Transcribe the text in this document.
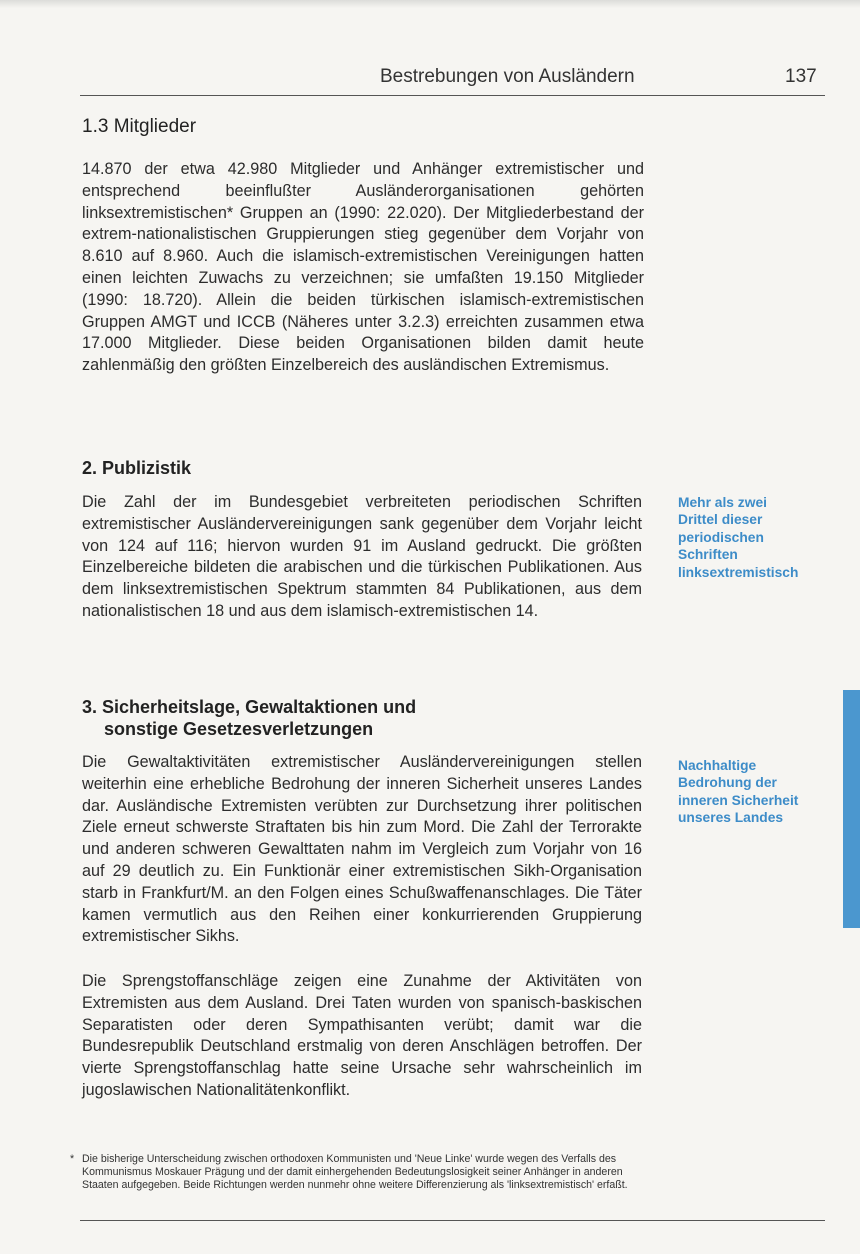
Bestrebungen von Ausländern	137
1.3 Mitglieder

14.870 der etwa 42.980 Mitglieder und Anhänger extremistischer und entsprechend beeinflußter Ausländerorganisationen gehörten linksextremistischen* Gruppen an (1990: 22.020). Der Mitgliederbestand der extrem-nationalistischen Gruppierungen stieg gegenüber dem Vorjahr von 8.610 auf 8.960. Auch die islamisch-extremistischen Vereinigungen hatten einen leichten Zuwachs zu verzeichnen; sie umfaßten 19.150 Mitglieder (1990: 18.720). Allein die beiden türkischen islamisch-extremistischen Gruppen AMGT und ICCB (Näheres unter 3.2.3) erreichten zusammen etwa 17.000 Mitglieder. Diese beiden Organisationen bilden damit heute zahlenmäßig den größten Einzelbereich des ausländischen Extremismus.

2. Publizistik

Die Zahl der im Bundesgebiet verbreiteten periodischen Schriften extremistischer Ausländervereinigungen sank gegenüber dem Vorjahr leicht von 124 auf 116; hiervon wurden 91 im Ausland gedruckt. Die größten Einzelbereiche bildeten die arabischen und die türkischen Publikationen. Aus dem linksextremistischen Spektrum stammten 84 Publikationen, aus dem nationalistischen 18 und aus dem islamisch-extremistischen 14.

Mehr als zwei Drittel dieser periodischen Schriften linksextremistisch

3. Sicherheitslage, Gewaltaktionen und
sonstige Gesetzesverletzungen

Die Gewaltaktivitäten extremistischer Ausländervereinigungen stellen weiterhin eine erhebliche Bedrohung der inneren Sicherheit unseres Landes dar. Ausländische Extremisten verübten zur Durchsetzung ihrer politischen Ziele erneut schwerste Straftaten bis hin zum Mord. Die Zahl der Terrorakte und anderen schweren Gewalttaten nahm im Vergleich zum Vorjahr von 16 auf 29 deutlich zu. Ein Funktionär einer extremistischen Sikh-Organisation starb in Frankfurt/M. an den Folgen eines Schußwaffenanschlages. Die Täter kamen vermutlich aus den Reihen einer konkurrierenden Gruppierung extremistischer Sikhs.

Die Sprengstoffanschläge zeigen eine Zunahme der Aktivitäten von Extremisten aus dem Ausland. Drei Taten wurden von spanisch-baskischen Separatisten oder deren Sympathisanten verübt; damit war die Bundesrepublik Deutschland erstmalig von deren Anschlägen betroffen. Der vierte Sprengstoffanschlag hatte seine Ursache sehr wahrscheinlich im jugoslawischen Nationalitätenkonflikt.

Nachhaltige Bedrohung der inneren Sicherheit unseres Landes

* Die bisherige Unterscheidung zwischen orthodoxen Kommunisten und 'Neue Linke' wurde wegen des Verfalls des Kommunismus Moskauer Prägung und der damit einhergehenden Bedeutungslosigkeit seiner Anhänger in anderen Staaten aufgegeben. Beide Richtungen werden nunmehr ohne weitere Differenzierung als 'linksextremistisch' erfaßt.
